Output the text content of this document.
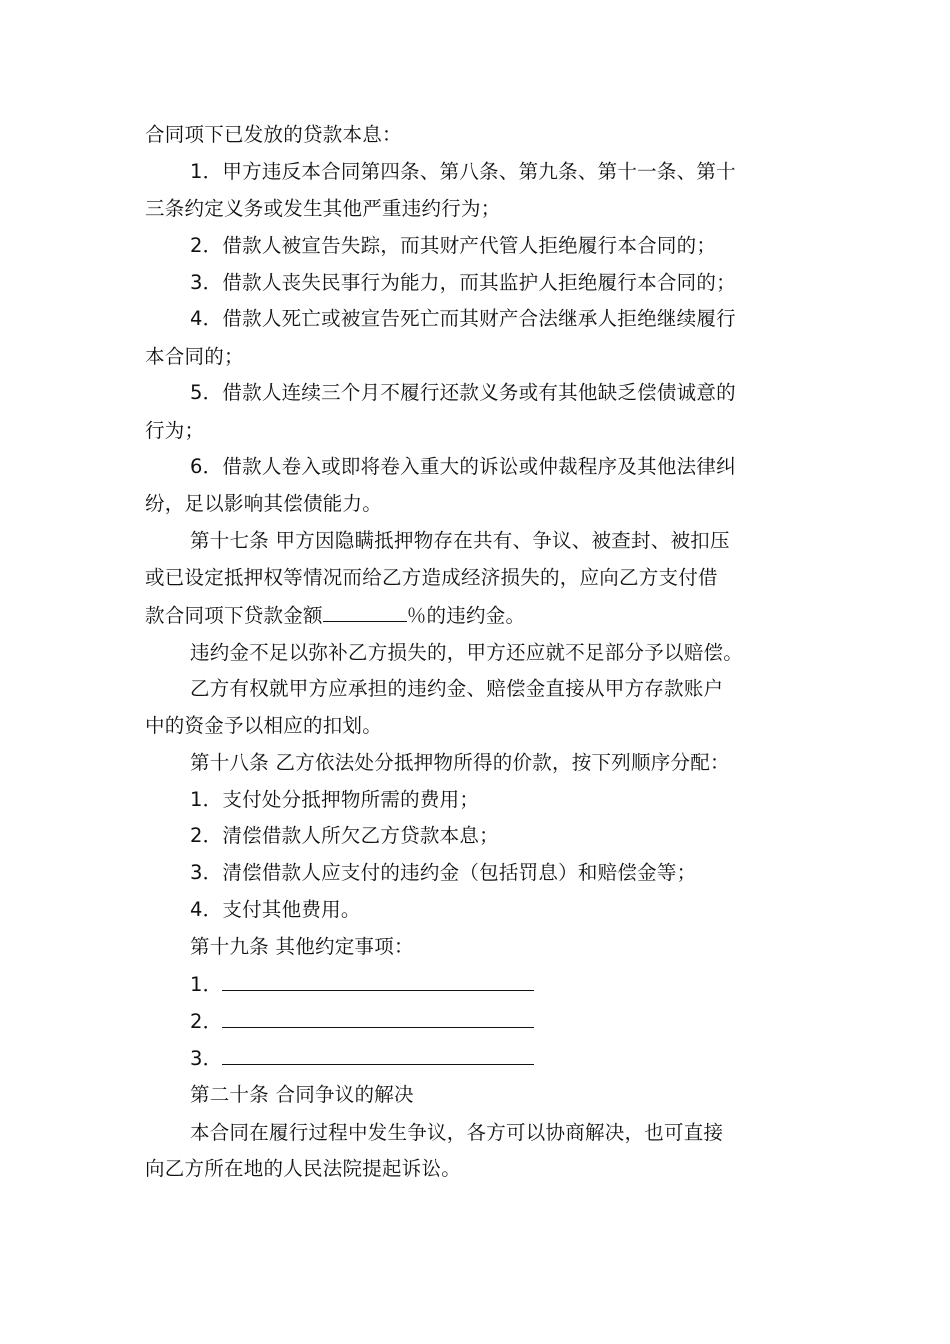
合同项下已发放的贷款本息：
1．甲方违反本合同第四条、第八条、第九条、第十一条、第十
三条约定义务或发生其他严重违约行为；
2．借款人被宣告失踪，而其财产代管人拒绝履行本合同的；
3．借款人丧失民事行为能力，而其监护人拒绝履行本合同的；
4．借款人死亡或被宣告死亡而其财产合法继承人拒绝继续履行
本合同的；
5．借款人连续三个月不履行还款义务或有其他缺乏偿债诚意的
行为；
6．借款人卷入或即将卷入重大的诉讼或仲裁程序及其他法律纠
纷，足以影响其偿债能力。
第十七条 甲方因隐瞒抵押物存在共有、争议、被查封、被扣压
或已设定抵押权等情况而给乙方造成经济损失的，应向乙方支付借
款合同项下贷款金额	％的违约金。
违约金不足以弥补乙方损失的，甲方还应就不足部分予以赔偿。
乙方有权就甲方应承担的违约金、赔偿金直接从甲方存款账户
中的资金予以相应的扣划。
第十八条 乙方依法处分抵押物所得的价款，按下列顺序分配：
1．支付处分抵押物所需的费用；
2．清偿借款人所欠乙方贷款本息；
3．清偿借款人应支付的违约金（包括罚息）和赔偿金等；
4．支付其他费用。
第十九条 其他约定事项：
1．
2．
3．
第二十条 合同争议的解决
本合同在履行过程中发生争议，各方可以协商解决，也可直接
向乙方所在地的人民法院提起诉讼。
